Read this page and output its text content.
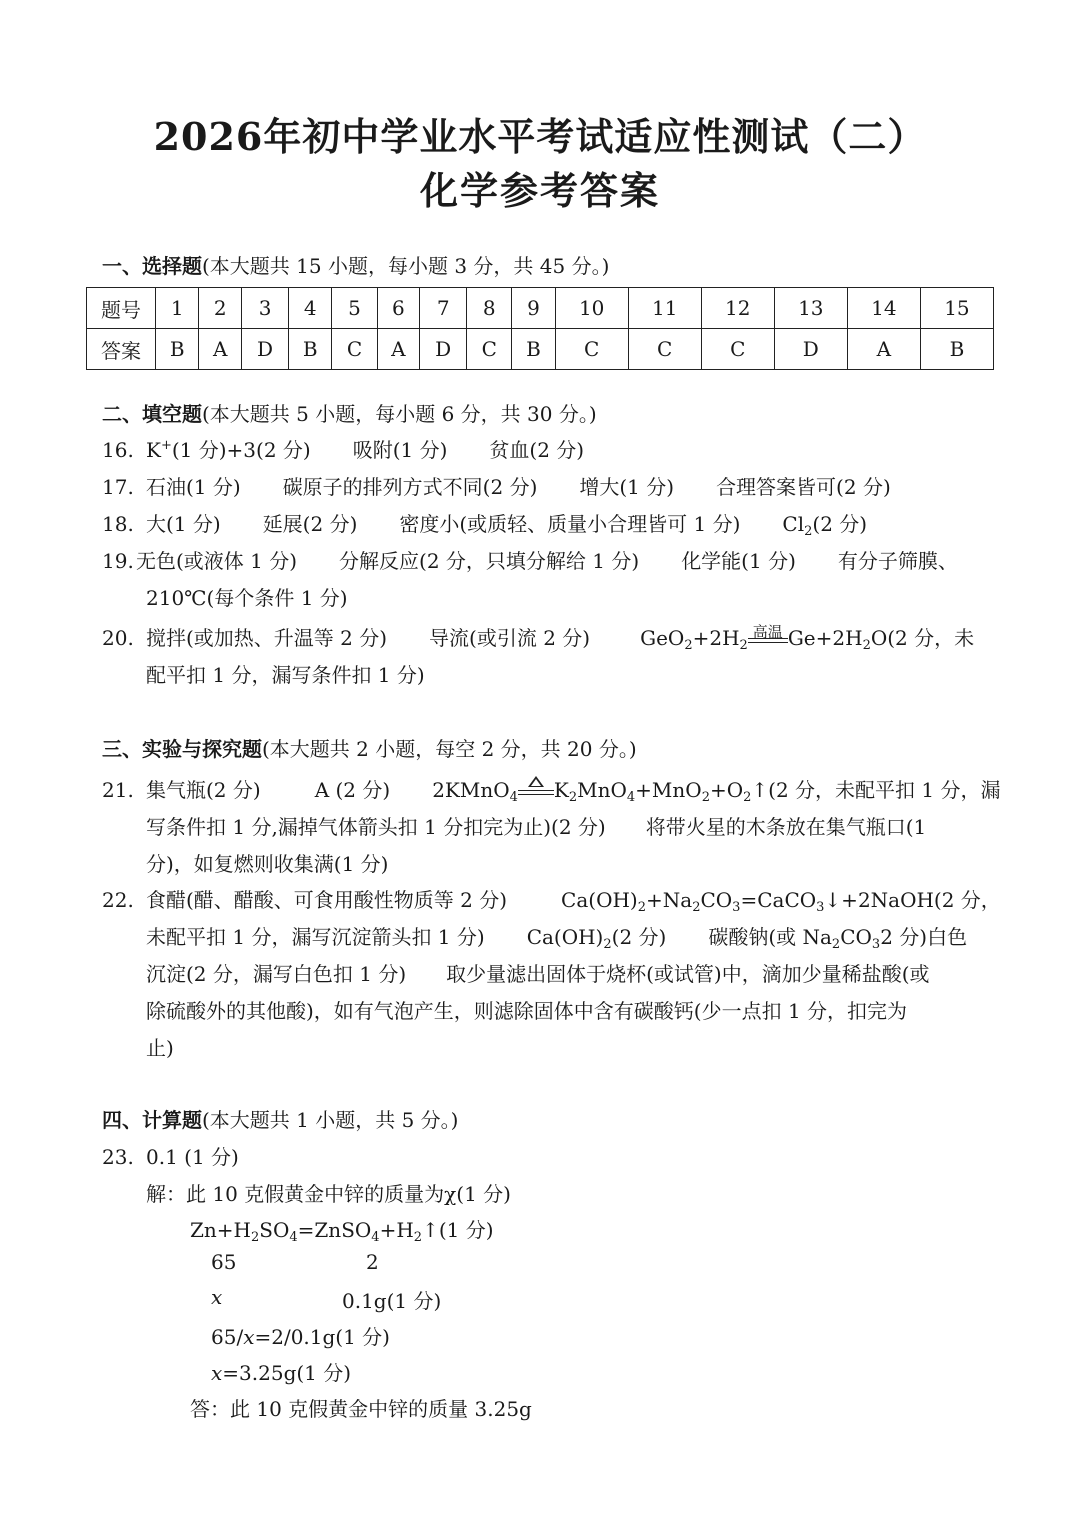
2026年初中学业水平考试适应性测试（二）
化学参考答案
一、选择题(本大题共 15 小题，每小题 3 分，共 45 分。)
题号	1	2	3	4	5	6	7	8	9	10	11	12	13	14	15
答案	B	A	D	B	C	A	D	C	B	C	C	C	D	A	B
二、填空题(本大题共 5 小题，每小题 6 分，共 30 分。)
16. K+(1 分)+3(2 分) 吸附(1 分) 贫血(2 分)
17. 石油(1 分) 碳原子的排列方式不同(2 分) 增大(1 分) 合理答案皆可(2 分)
18. 大(1 分) 延展(2 分) 密度小(或质轻、质量小合理皆可 1 分) $Cl_2(2$ 分)
19. 无色(或液体 1 分) 分解反应(2 分，只填分解给 1 分) 化学能(1 分) 有分子筛膜、
210℃(每个条件 1 分)
20. 搅拌(或加热、升温等 2 分) 导流(或引流 2 分)	$GeO_2+2H_2$
高温 $Ge+2H_2O(2$ 分，未
配平扣 1 分，漏写条件扣 1 分)
三、实验与探究题(本大题共 2 小题，每空 2 分，共 20 分。)
21. 集气瓶(2 分)	A (2 分) 2KMnO$_4$ $K_2MnO_4+MnO_2+O_2↑(2$ 分，未配平扣 1 分，漏
写条件扣 1 分,漏掉气体箭头扣 1 分扣完为止)(2 分)　　将带火星的木条放在集气瓶口(1
分)，如复燃则收集满(1 分)
22. 食醋(醋、醋酸、可食用酸性物质等 2 分)	$Ca(OH)_2+Na_2CO_3=CaCO_3↓+2NaOH(2$ 分，
未配平扣 1 分，漏写沉淀箭头扣 1 分) $Ca(OH)_2(2$ 分) 碳酸钠(或 $Na_2CO_32$ 分)白色
沉淀(2 分，漏写白色扣 1 分)　　取少量滤出固体于烧杯(或试管)中，滴加少量稀盐酸(或
除硫酸外的其他酸)，如有气泡产生，则滤除固体中含有碳酸钙(少一点扣 1 分，扣完为
止)
四、计算题(本大题共 1 小题，共 5 分。)
23. 0.1 (1 分)
解：此 10 克假黄金中锌的质量为χ(1 分)
$Zn+H_2SO_4=ZnSO_4+H_2↑(1$ 分)
65	2
x	0.1g(1 分)
65/x=2/0.1g(1 分)
x=3.25g(1 分)
答：此 10 克假黄金中锌的质量 3.25g
